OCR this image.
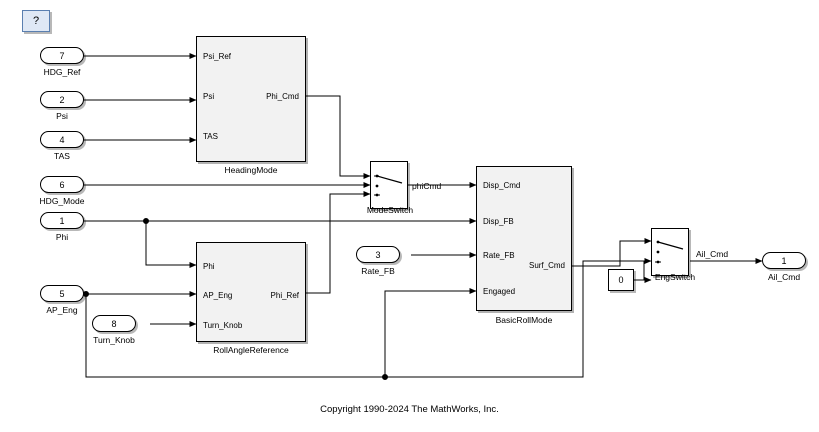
?
7
HDG_Ref
2
Psi
4
TAS
6
HDG_Mode
1
Phi
5
AP_Eng
8
Turn_Knob
3
Rate_FB
1
Ail_Cmd
Psi_Ref
Psi
TAS
Phi_Cmd
HeadingMode
Phi
AP_Eng
Turn_Knob
Phi_Ref
RollAngleReference
Disp_Cmd
Disp_FB
Rate_FB
Engaged
Surf_Cmd
BasicRollMode
ModeSwitch
phiCmd
EngSwitch
Ail_Cmd
0
Copyright 1990-2024 The MathWorks, Inc.
